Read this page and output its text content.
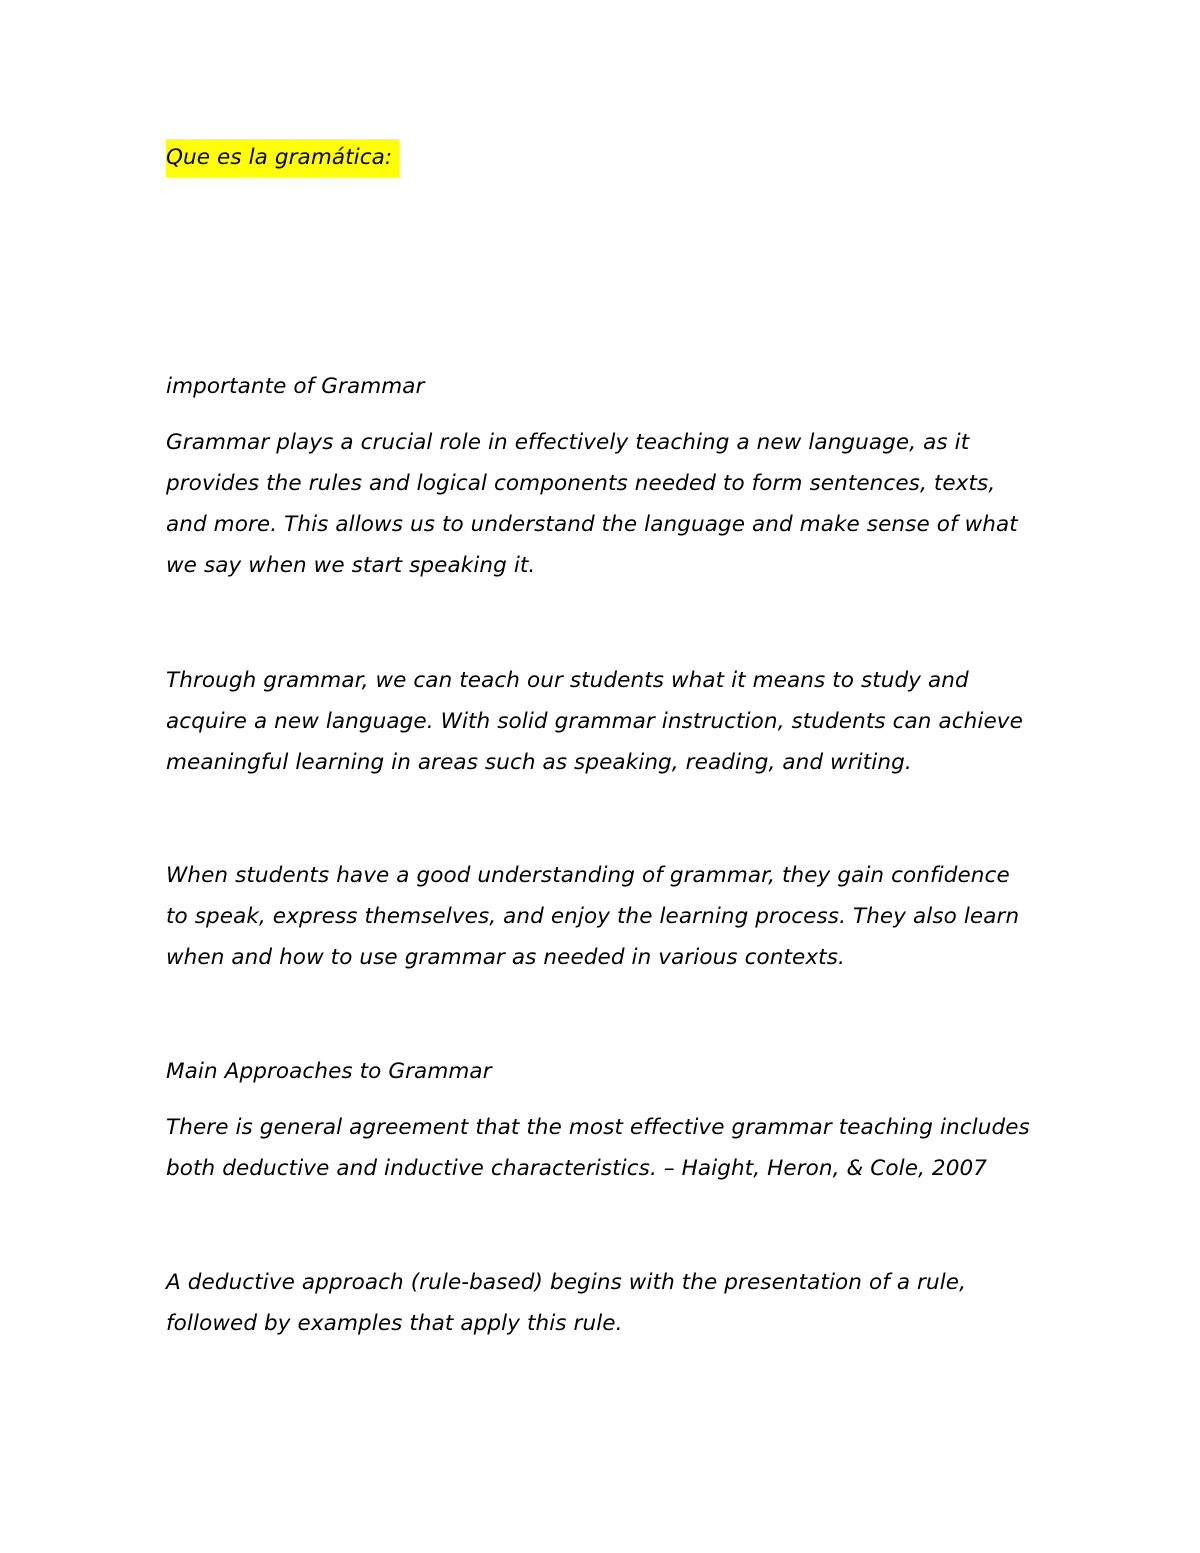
Que es la gramática:

importante of Grammar

Grammar plays a crucial role in effectively teaching a new language, as it
provides the rules and logical components needed to form sentences, texts,
and more. This allows us to understand the language and make sense of what
we say when we start speaking it.
Through grammar, we can teach our students what it means to study and
acquire a new language. With solid grammar instruction, students can achieve
meaningful learning in areas such as speaking, reading, and writing.
When students have a good understanding of grammar, they gain confidence
to speak, express themselves, and enjoy the learning process. They also learn
when and how to use grammar as needed in various contexts.

Main Approaches to Grammar

There is general agreement that the most effective grammar teaching includes
both deductive and inductive characteristics. – Haight, Heron, & Cole, 2007
A deductive approach (rule-based) begins with the presentation of a rule,
followed by examples that apply this rule.
